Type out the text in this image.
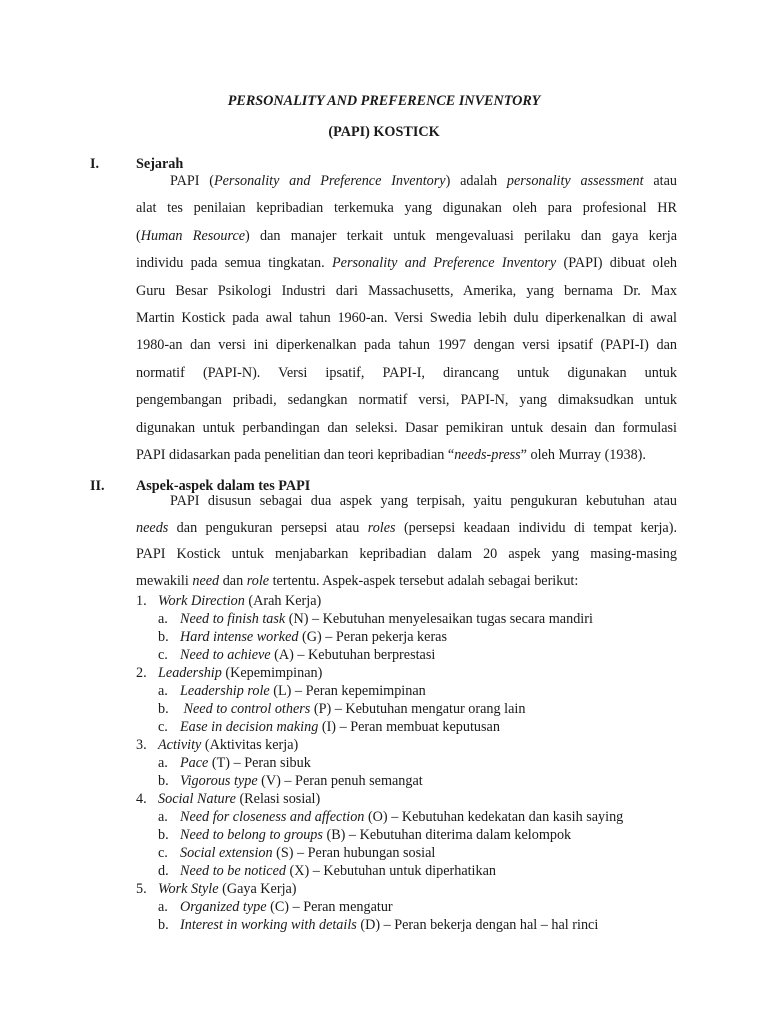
PERSONALITY AND PREFERENCE INVENTORY
(PAPI) KOSTICK
I.	Sejarah
PAPI (Personality and Preference Inventory) adalah personality assessment atau
alat tes penilaian kepribadian terkemuka yang digunakan oleh para profesional HR
(Human Resource) dan manajer terkait untuk mengevaluasi perilaku dan gaya kerja
individu pada semua tingkatan. Personality and Preference Inventory (PAPI) dibuat oleh
Guru Besar Psikologi Industri dari Massachusetts, Amerika, yang bernama Dr. Max
Martin Kostick pada awal tahun 1960-an. Versi Swedia lebih dulu diperkenalkan di awal
1980-an dan versi ini diperkenalkan pada tahun 1997 dengan versi ipsatif (PAPI-I) dan
normatif (PAPI-N). Versi ipsatif, PAPI-I, dirancang untuk digunakan untuk
pengembangan pribadi, sedangkan normatif versi, PAPI-N, yang dimaksudkan untuk
digunakan untuk perbandingan dan seleksi. Dasar pemikiran untuk desain dan formulasi
PAPI didasarkan pada penelitian dan teori kepribadian “needs-press” oleh Murray (1938).
II. Aspek-aspek dalam tes PAPI
PAPI disusun sebagai dua aspek yang terpisah, yaitu pengukuran kebutuhan atau
needs dan pengukuran persepsi atau roles (persepsi keadaan individu di tempat kerja).
PAPI Kostick untuk menjabarkan kepribadian dalam 20 aspek yang masing-masing
mewakili need dan role tertentu. Aspek-aspek tersebut adalah sebagai berikut:
1. Work Direction (Arah Kerja)
a. Need to finish task (N) – Kebutuhan menyelesaikan tugas secara mandiri
b. Hard intense worked (G) – Peran pekerja keras
c. Need to achieve (A) – Kebutuhan berprestasi
2. Leadership (Kepemimpinan)
a. Leadership role (L) – Peran kepemimpinan
b. Need to control others (P) – Kebutuhan mengatur orang lain
c. Ease in decision making (I) – Peran membuat keputusan
3. Activity (Aktivitas kerja)
a. Pace (T) – Peran sibuk
b. Vigorous type (V) – Peran penuh semangat
4. Social Nature (Relasi sosial)
a. Need for closeness and affection (O) – Kebutuhan kedekatan dan kasih saying
b. Need to belong to groups (B) – Kebutuhan diterima dalam kelompok
c. Social extension (S) – Peran hubungan sosial
d. Need to be noticed (X) – Kebutuhan untuk diperhatikan
5. Work Style (Gaya Kerja)
a. Organized type (C) – Peran mengatur
b. Interest in working with details (D) – Peran bekerja dengan hal – hal rinci
